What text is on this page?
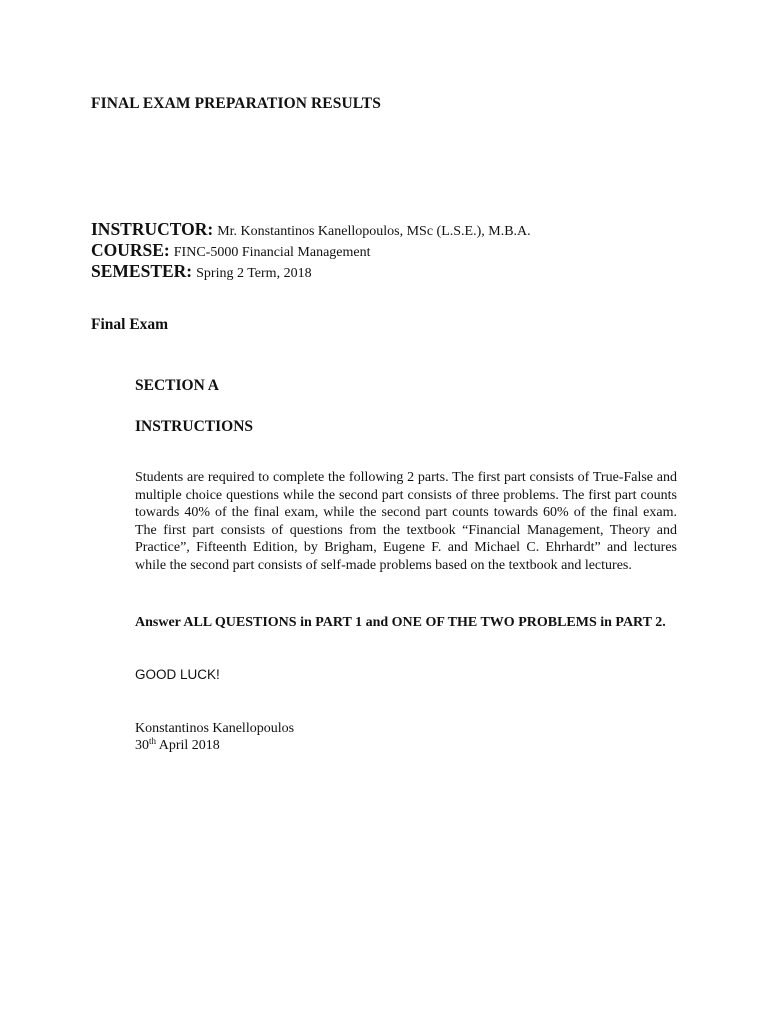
FINAL EXAM PREPARATION RESULTS

INSTRUCTOR: Mr. Konstantinos Kanellopoulos, MSc (L.S.E.), M.B.A.

COURSE: FINC-5000 Financial Management

SEMESTER: Spring 2 Term, 2018

Final Exam
SECTION A
INSTRUCTIONS

Students are required to complete the following 2 parts. The first part consists of True-False and multiple choice questions while the second part consists of three problems. The first part counts towards 40% of the final exam, while the second part counts towards 60% of the final exam. The first part consists of questions from the textbook “Financial Management, Theory and Practice”, Fifteenth Edition, by Brigham, Eugene F. and Michael C. Ehrhardt” and lectures while the second part consists of self-made problems based on the textbook and lectures.

Answer ALL QUESTIONS in PART 1 and ONE OF THE TWO PROBLEMS in PART 2.

GOOD LUCK!

Konstantinos Kanellopoulos

30th April 2018
